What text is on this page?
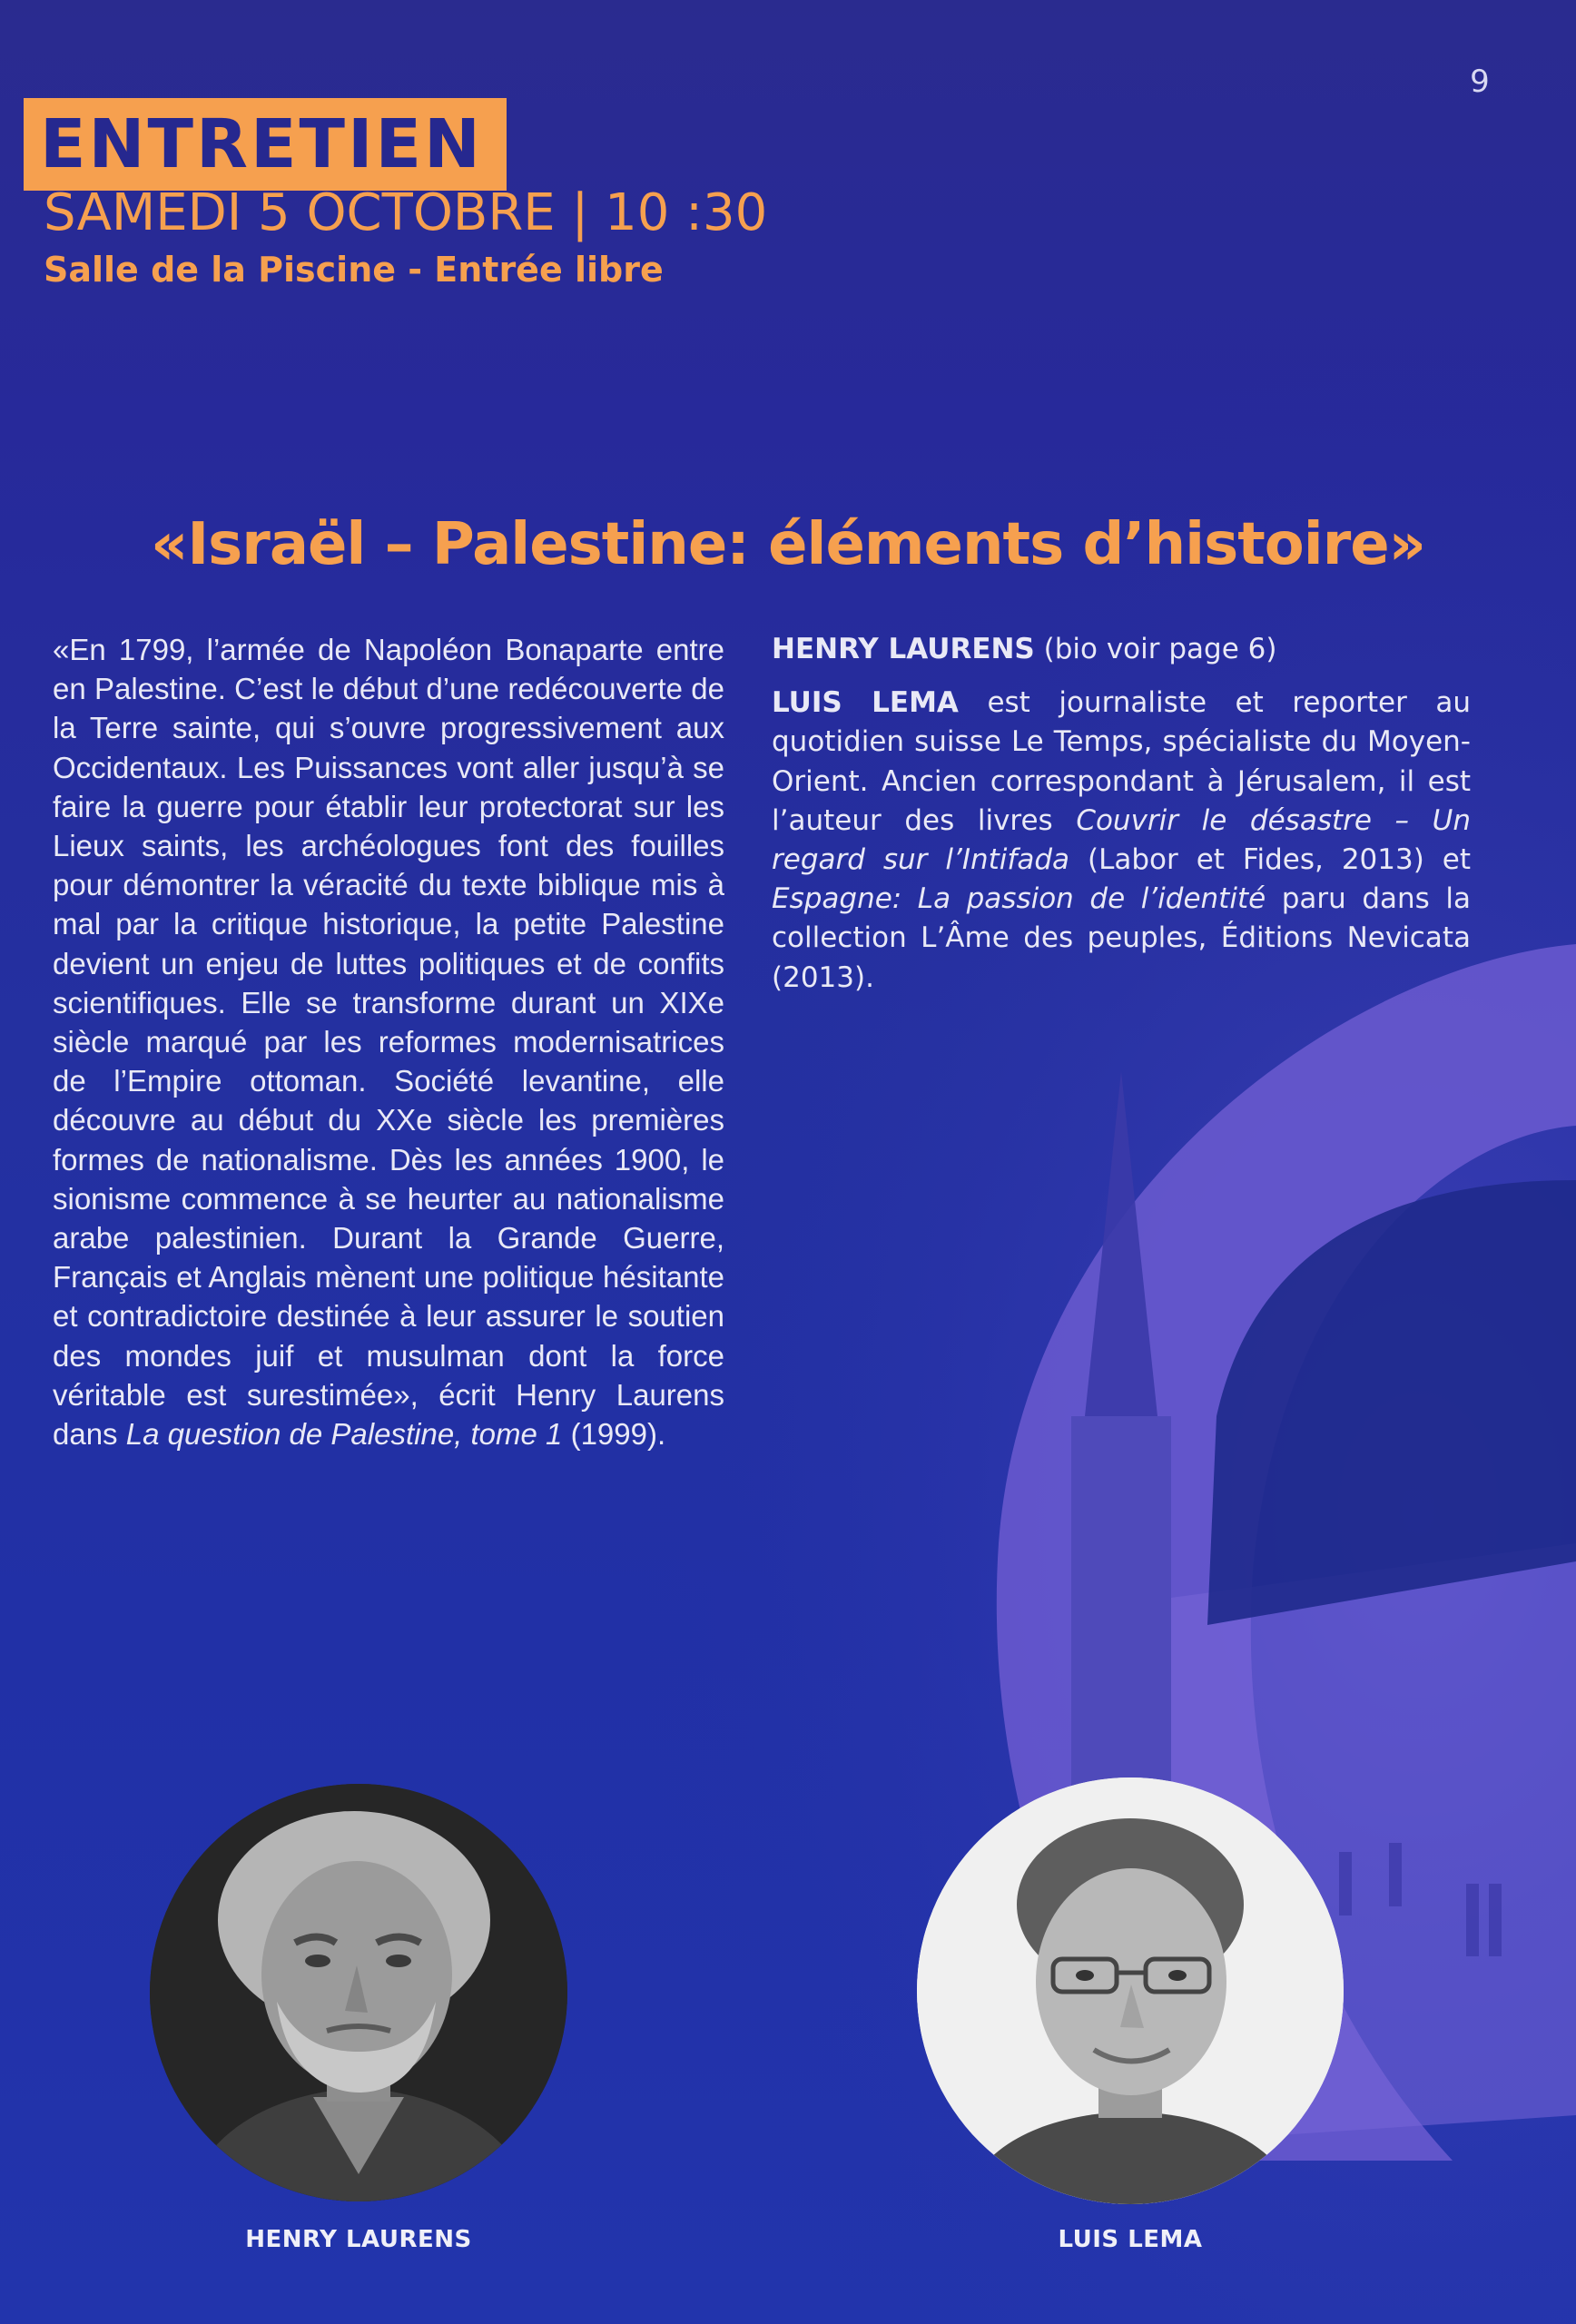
9
ENTRETIEN
SAMEDI 5 OCTOBRE | 10 :30
Salle de la Piscine - Entrée libre
«Israël – Palestine: éléments d’histoire»
«En 1799, l’armée de Napoléon Bonaparte entre en Palestine. C’est le début d’une redécouverte de la Terre sainte, qui s’ouvre progressivement aux Occidentaux. Les Puissances vont aller jusqu’à se faire la guerre pour établir leur protectorat sur les Lieux saints, les archéologues font des fouilles pour démontrer la véracité du texte biblique mis à mal par la critique historique, la petite Palestine devient un enjeu de luttes politiques et de confits scientifiques. Elle se transforme durant un XIXe siècle marqué par les reformes modernisatrices de l’Empire ottoman. Société levantine, elle découvre au début du XXe siècle les premières formes de nationalisme. Dès les années 1900, le sionisme commence à se heurter au nationalisme arabe palestinien. Durant la Grande Guerre, Français et Anglais mènent une politique hésitante et contradictoire destinée à leur assurer le soutien des mondes juif et musulman dont la force véritable est surestimée», écrit Henry Laurens dans La question de Palestine, tome 1 (1999).

HENRY LAURENS (bio voir page 6)

LUIS LEMA est journaliste et reporter au quotidien suisse Le Temps, spécialiste du Moyen-Orient. Ancien correspondant à Jérusalem, il est l’auteur des livres Couvrir le désastre – Un regard sur l’Intifada (Labor et Fides, 2013) et Espagne: La passion de l’identité paru dans la collection L’Âme des peuples, Éditions Nevicata (2013).

HENRY LAURENS	LUIS LEMA
